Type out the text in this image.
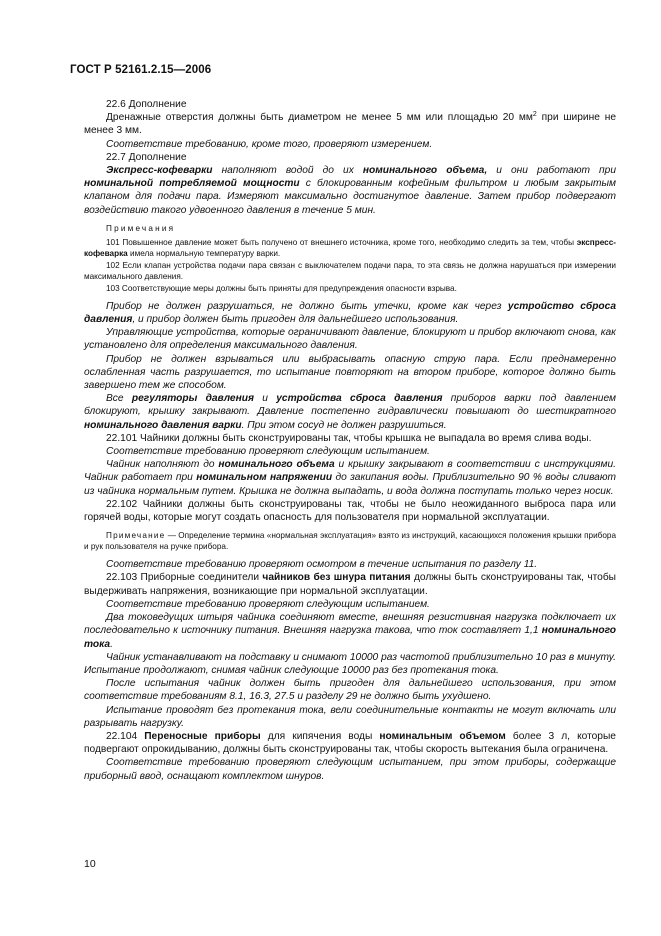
ГОСТ Р 52161.2.15—2006

22.6 Дополнение

Дренажные отверстия должны быть диаметром не менее 5 мм или площадью 20 $мм^2$ при ширине не менее 3 мм.

Соответствие требованию, кроме того, проверяют измерением.

22.7 Дополнение

Экспресс-кофеварки наполняют водой до их номинального объема, и они работают при номинальной потребляемой мощности с блокированным кофейным фильтром и любым закрытым клапаном для подачи пара. Измеряют максимально достигнутое давление. Затем прибор подвергают воздействию такого удвоенного давления в течение 5 мин.

Примечания

101 Повышенное давление может быть получено от внешнего источника, кроме того, необходимо следить за тем, чтобы экспресс-кофеварка имела нормальную температуру варки.

102 Если клапан устройства подачи пара связан с выключателем подачи пара, то эта связь не должна нарушаться при измерении максимального давления.

103 Соответствующие меры должны быть приняты для предупреждения опасности взрыва.

Прибор не должен разрушаться, не должно быть утечки, кроме как через устройство сброса давления, и прибор должен быть пригоден для дальнейшего использования.

Управляющие устройства, которые ограничивают давление, блокируют и прибор включают снова, как установлено для определения максимального давления.

Прибор не должен взрываться или выбрасывать опасную струю пара. Если преднамеренно ослабленная часть разрушается, то испытание повторяют на втором приборе, которое должно быть завершено тем же способом.

Все регуляторы давления и устройства сброса давления приборов варки под давлением блокируют, крышку закрывают. Давление постепенно гидравлически повышают до шестикратного номинального давления варки. При этом сосуд не должен разрушиться.

22.101 Чайники должны быть сконструированы так, чтобы крышка не выпадала во время слива воды.

Соответствие требованию проверяют следующим испытанием.

Чайник наполняют до номинального объема и крышку закрывают в соответствии с инструкциями. Чайник работает при номинальном напряжении до закипания воды. Приблизительно 90 % воды сливают из чайника нормальным путем. Крышка не должна выпадать, и вода должна поступать только через носик.

22.102 Чайники должны быть сконструированы так, чтобы не было неожиданного выброса пара или горячей воды, которые могут создать опасность для пользователя при нормальной эксплуатации.

Примечание — Определение термина «нормальная эксплуатация» взято из инструкций, касающихся положения крышки прибора и рук пользователя на ручке прибора.

Соответствие требованию проверяют осмотром в течение испытания по разделу 11.

22.103 Приборные соединители чайников без шнура питания должны быть сконструированы так, чтобы выдерживать напряжения, возникающие при нормальной эксплуатации.

Соответствие требованию проверяют следующим испытанием.

Два токоведущих штыря чайника соединяют вместе, внешняя резистивная нагрузка подключает их последовательно к источнику питания. Внешняя нагрузка такова, что ток составляет 1,1 номинального тока.

Чайник устанавливают на подставку и снимают 10000 раз частотой приблизительно 10 раз в минуту. Испытание продолжают, снимая чайник следующие 10000 раз без протекания тока.

После испытания чайник должен быть пригоден для дальнейшего использования, при этом соответствие требованиям 8.1, 16.3, 27.5 и разделу 29 не должно быть ухудшено.

Испытание проводят без протекания тока, вели соединительные контакты не могут включать или разрывать нагрузку.

22.104 Переносные приборы для кипячения воды номинальным объемом более 3 л, которые подвергают опрокидыванию, должны быть сконструированы так, чтобы скорость вытекания была ограничена.

Соответствие требованию проверяют следующим испытанием, при этом приборы, содержащие приборный ввод, оснащают комплектом шнуров.

10
